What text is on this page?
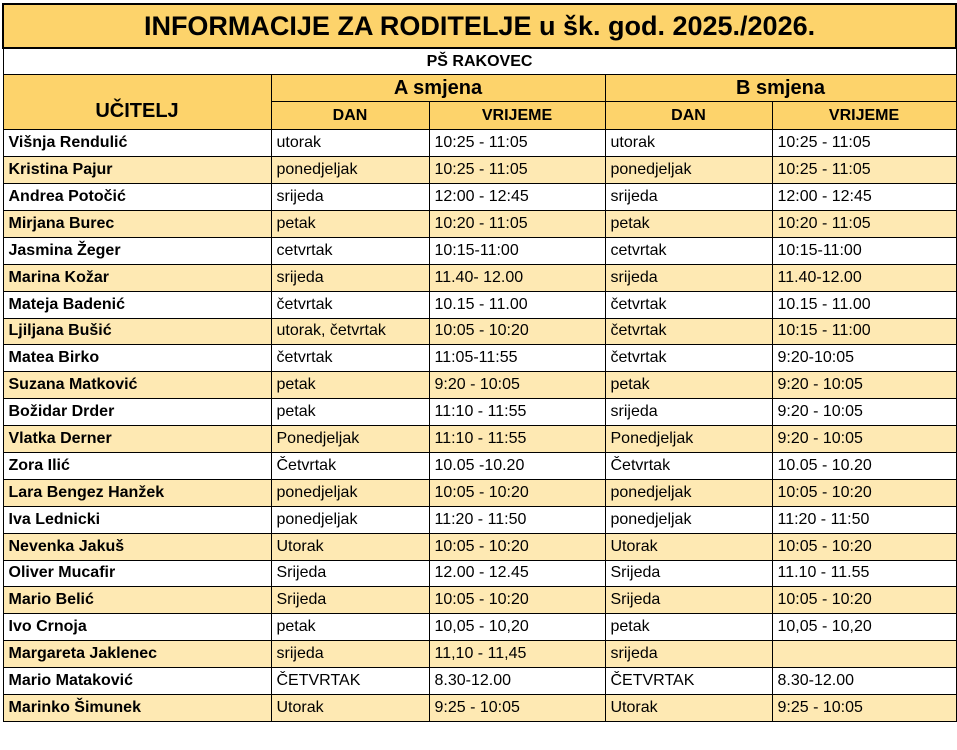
INFORMACIJE ZA RODITELJE u šk. god. 2025./2026.				
PŠ RAKOVEC				
UČITELJ	A smjena		B smjena	
	DAN	VRIJEME	DAN	VRIJEME
Višnja Rendulić	utorak	10:25 - 11:05	utorak	10:25 - 11:05
Kristina Pajur	ponedjeljak	10:25 - 11:05	ponedjeljak	10:25 - 11:05
Andrea Potočić	srijeda	12:00 - 12:45	srijeda	12:00 - 12:45
Mirjana Burec	petak	10:20 - 11:05	petak	10:20 - 11:05
Jasmina Žeger	cetvrtak	10:15-11:00	cetvrtak	10:15-11:00
Marina Kožar	srijeda	11.40- 12.00	srijeda	11.40-12.00
Mateja Badenić	četvrtak	10.15 - 11.00	četvrtak	10.15 - 11.00
Ljiljana Bušić	utorak, četvrtak	10:05 - 10:20	četvrtak	10:15 - 11:00
Matea Birko	četvrtak	11:05-11:55	četvrtak	9:20-10:05
Suzana Matković	petak	9:20 - 10:05	petak	9:20 - 10:05
Božidar Drder	petak	11:10 - 11:55	srijeda	9:20 - 10:05
Vlatka Derner	Ponedjeljak	11:10 - 11:55	Ponedjeljak	9:20 - 10:05
Zora Ilić	Četvrtak	10.05 -10.20	Četvrtak	10.05 - 10.20
Lara Bengez Hanžek	ponedjeljak	10:05 - 10:20	ponedjeljak	10:05 - 10:20
Iva Lednicki	ponedjeljak	11:20 - 11:50	ponedjeljak	11:20 - 11:50
Nevenka Jakuš	Utorak	10:05 - 10:20	Utorak	10:05 - 10:20
Oliver Mucafir	Srijeda	12.00 - 12.45	Srijeda	11.10 - 11.55
Mario Belić	Srijeda	10:05 - 10:20	Srijeda	10:05 - 10:20
Ivo Crnoja	petak	10,05 - 10,20	petak	10,05 - 10,20
Margareta Jaklenec	srijeda	11,10 - 11,45	srijeda	
Mario Mataković	ČETVRTAK	8.30-12.00	ČETVRTAK	8.30-12.00
Marinko Šimunek	Utorak	9:25 - 10:05	Utorak	9:25 - 10:05
